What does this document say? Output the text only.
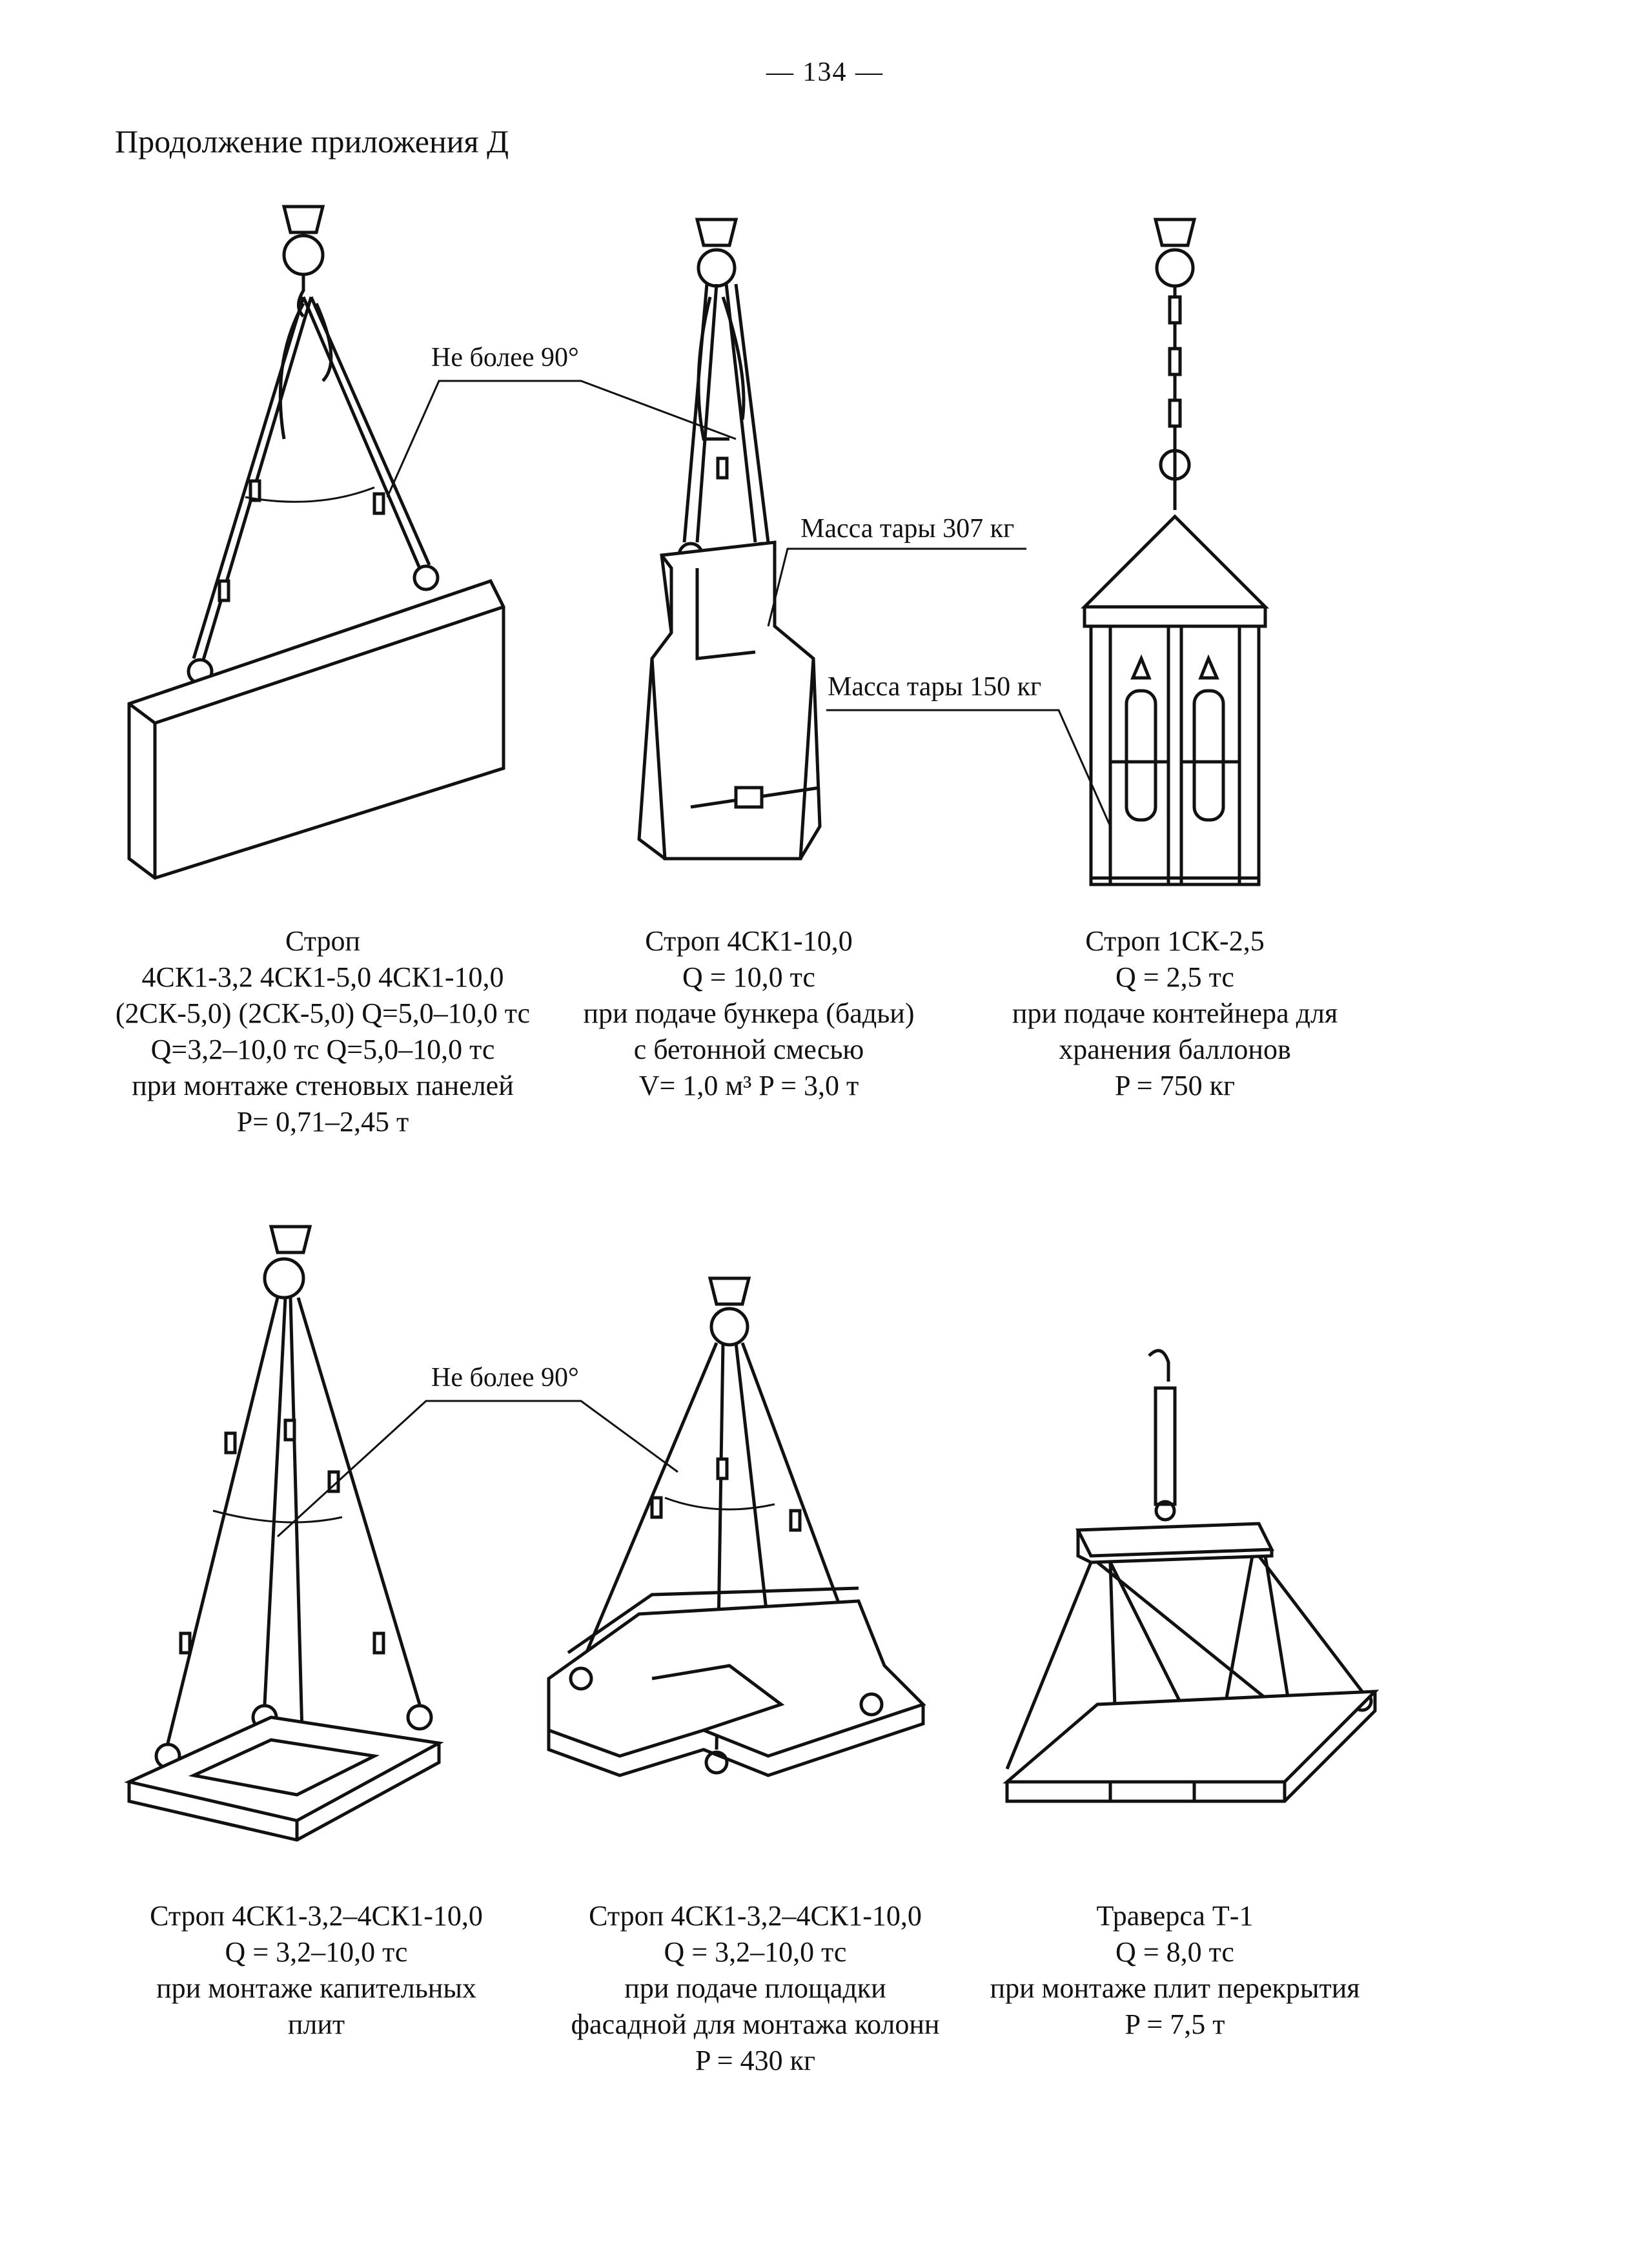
— 134 —
Продолжение приложения Д
Не более 90°
Масса тары 307 кг
Масса тары 150 кг
Строп
4СК1-3,2 4СК1-5,0 4СК1-10,0
(2СК-5,0) (2СК-5,0) Q=5,0–10,0 тс
Q=3,2–10,0 тс Q=5,0–10,0 тс
при монтаже стеновых панелей
P= 0,71–2,45 т
Строп 4СК1-10,0
Q = 10,0 тс
при подаче бункера (бадьи)
с бетонной смесью
V= 1,0 м³ P = 3,0 т
Строп 1СК-2,5
Q = 2,5 тс
при подаче контейнера для
хранения баллонов
P = 750 кг
Не более 90°
Строп 4СК1-3,2–4СК1-10,0
Q = 3,2–10,0 тс
при монтаже капительных
плит
Строп 4СК1-3,2–4СК1-10,0
Q = 3,2–10,0 тс
при подаче площадки
фасадной для монтажа колонн
P = 430 кг
Траверса Т-1
Q = 8,0 тс
при монтаже плит перекрытия
P = 7,5 т
